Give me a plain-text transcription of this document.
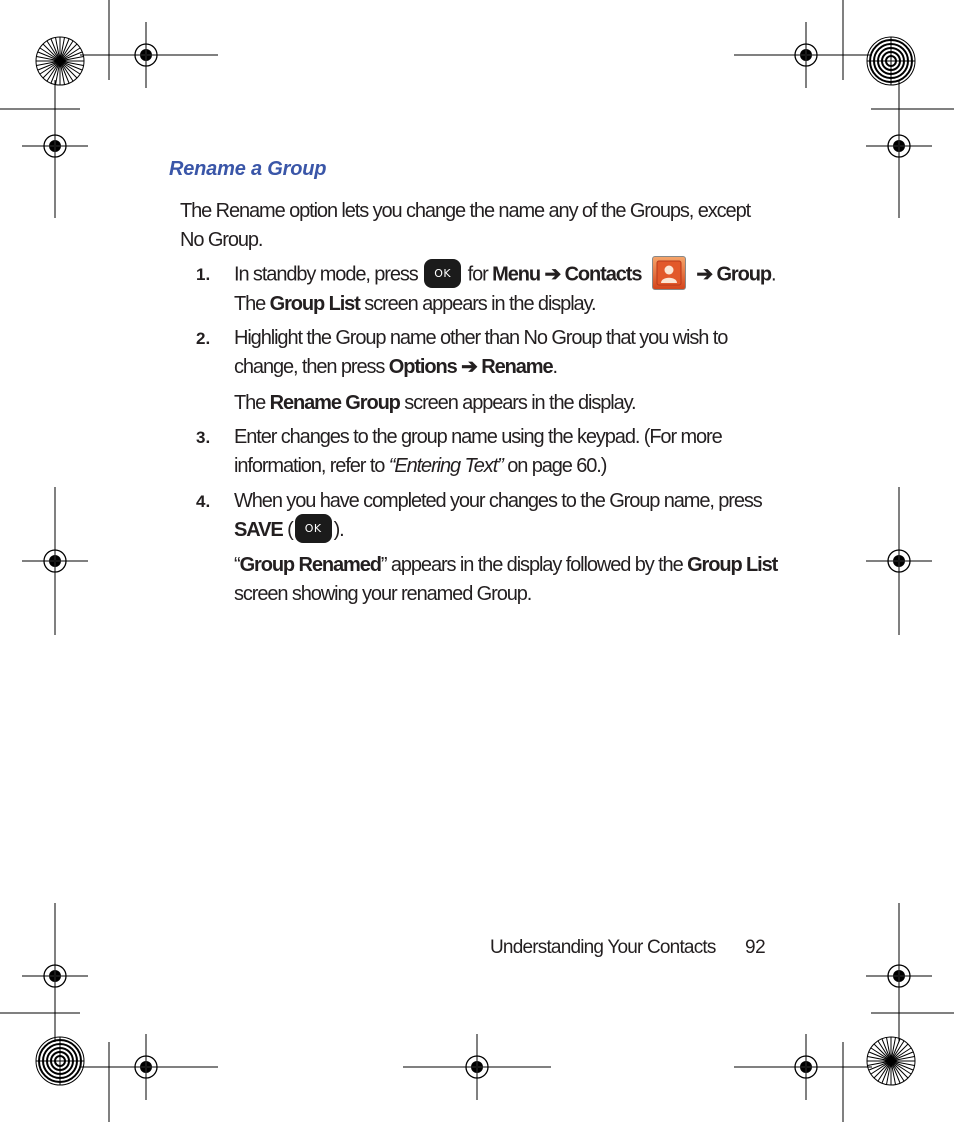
Rename a Group
The Rename option lets you change the name any of the Groups, except No Group.
1. In standby mode, press OK for Menu ➔ Contacts	➔ Group. The Group List screen appears in the display.
2. Highlight the Group name other than No Group that you wish to change, then press Options ➔ Rename.
The Rename Group screen appears in the display.
3. Enter changes to the group name using the keypad. (For more information, refer to “Entering Text” on page 60.)
4. When you have completed your changes to the Group name, press SAVE ( OK ).
“Group Renamed” appears in the display followed by the Group List screen showing your renamed Group.
Understanding Your Contacts 92
